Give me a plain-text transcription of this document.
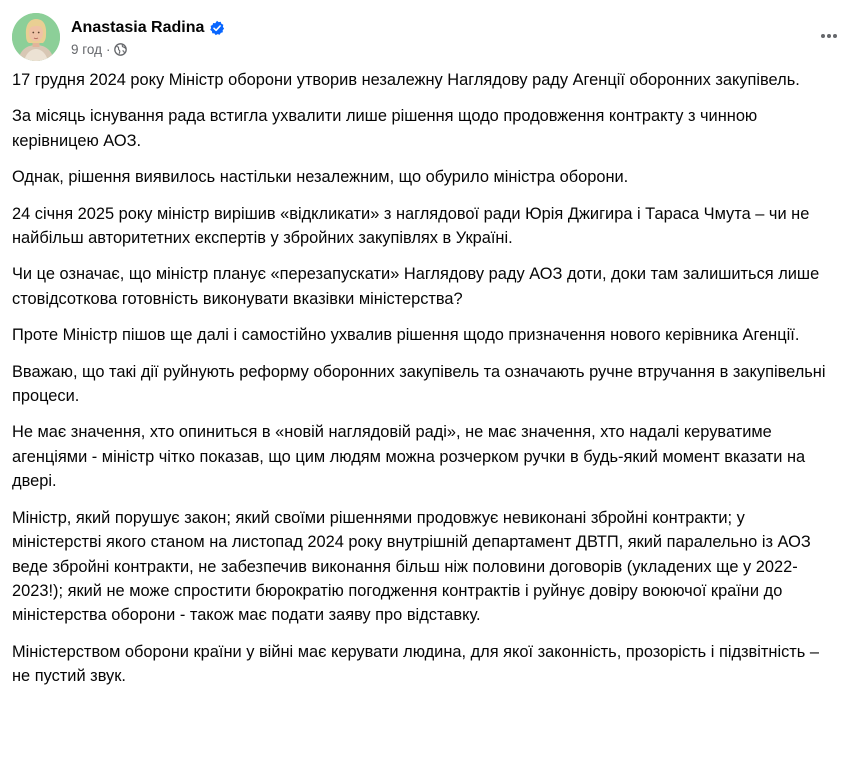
Anastasia Radina
9 год ·

17 грудня 2024 року Міністр оборони утворив незалежну Наглядову раду Агенції оборонних закупівель.

За місяць існування рада встигла ухвалити лише рішення щодо продовження контракту з чинною керівницею АОЗ.

Однак, рішення виявилось настільки незалежним, що обурило міністра оборони.

24 січня 2025 року міністр вирішив «відкликати» з наглядової ради Юрія Джигира і Тараса Чмута – чи не найбільш авторитетних експертів у збройних закупівлях в Україні.

Чи це означає, що міністр планує «перезапускати» Наглядову раду АОЗ доти, доки там залишиться лише стовідсоткова готовність виконувати вказівки міністерства?

Проте Міністр пішов ще далі і самостійно ухвалив рішення щодо призначення нового керівника Агенції.

Вважаю, що такі дії руйнують реформу оборонних закупівель та означають ручне втручання в закупівельні процеси.

Не має значення, хто опиниться в «новій наглядовій раді», не має значення, хто надалі керуватиме агенціями - міністр чітко показав, що цим людям можна розчерком ручки в будь-який момент вказати на двері.

Міністр, який порушує закон; який своїми рішеннями продовжує невиконані збройні контракти; у міністерстві якого станом на листопад 2024 року внутрішній департамент ДВТП, який паралельно із АОЗ веде збройні контракти, не забезпечив виконання більш ніж половини договорів (укладених ще у 2022-2023!); який не може спростити бюрократію погодження контрактів і руйнує довіру воюючої країни до міністерства оборони - також має подати заяву про відставку.

Міністерством оборони країни у війні має керувати людина, для якої законність, прозорість і підзвітність – не пустий звук.
